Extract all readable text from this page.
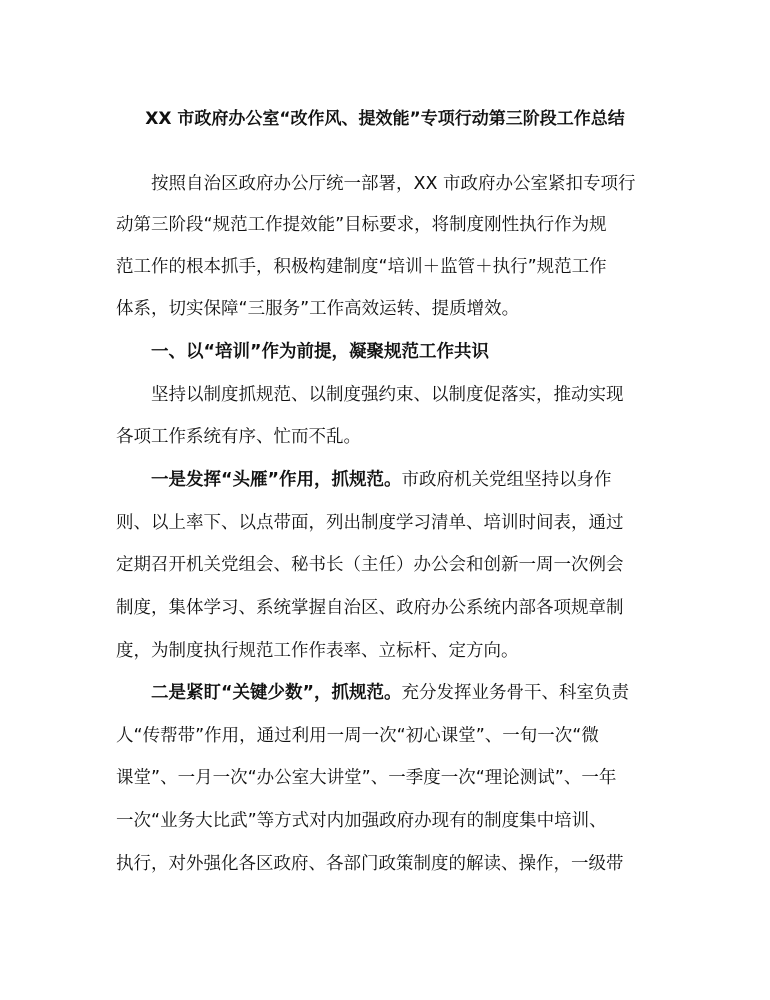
XX 市政府办公室“改作风、提效能”专项行动第三阶段工作总结
按照自治区政府办公厅统一部署，XX 市政府办公室紧扣专项行
动第三阶段“规范工作提效能”目标要求，将制度刚性执行作为规
范工作的根本抓手，积极构建制度“培训＋监管＋执行”规范工作
体系，切实保障“三服务”工作高效运转、提质增效。
一、以“培训”作为前提，凝聚规范工作共识
坚持以制度抓规范、以制度强约束、以制度促落实，推动实现
各项工作系统有序、忙而不乱。
一是发挥“头雁”作用，抓规范。市政府机关党组坚持以身作
则、以上率下、以点带面，列出制度学习清单、培训时间表，通过
定期召开机关党组会、秘书长（主任）办公会和创新一周一次例会
制度，集体学习、系统掌握自治区、政府办公系统内部各项规章制
度，为制度执行规范工作作表率、立标杆、定方向。
二是紧盯“关键少数”，抓规范。充分发挥业务骨干、科室负责
人“传帮带”作用，通过利用一周一次“初心课堂”、一旬一次“微
课堂”、一月一次“办公室大讲堂”、一季度一次“理论测试”、一年
一次“业务大比武”等方式对内加强政府办现有的制度集中培训、
执行，对外强化各区政府、各部门政策制度的解读、操作，一级带
